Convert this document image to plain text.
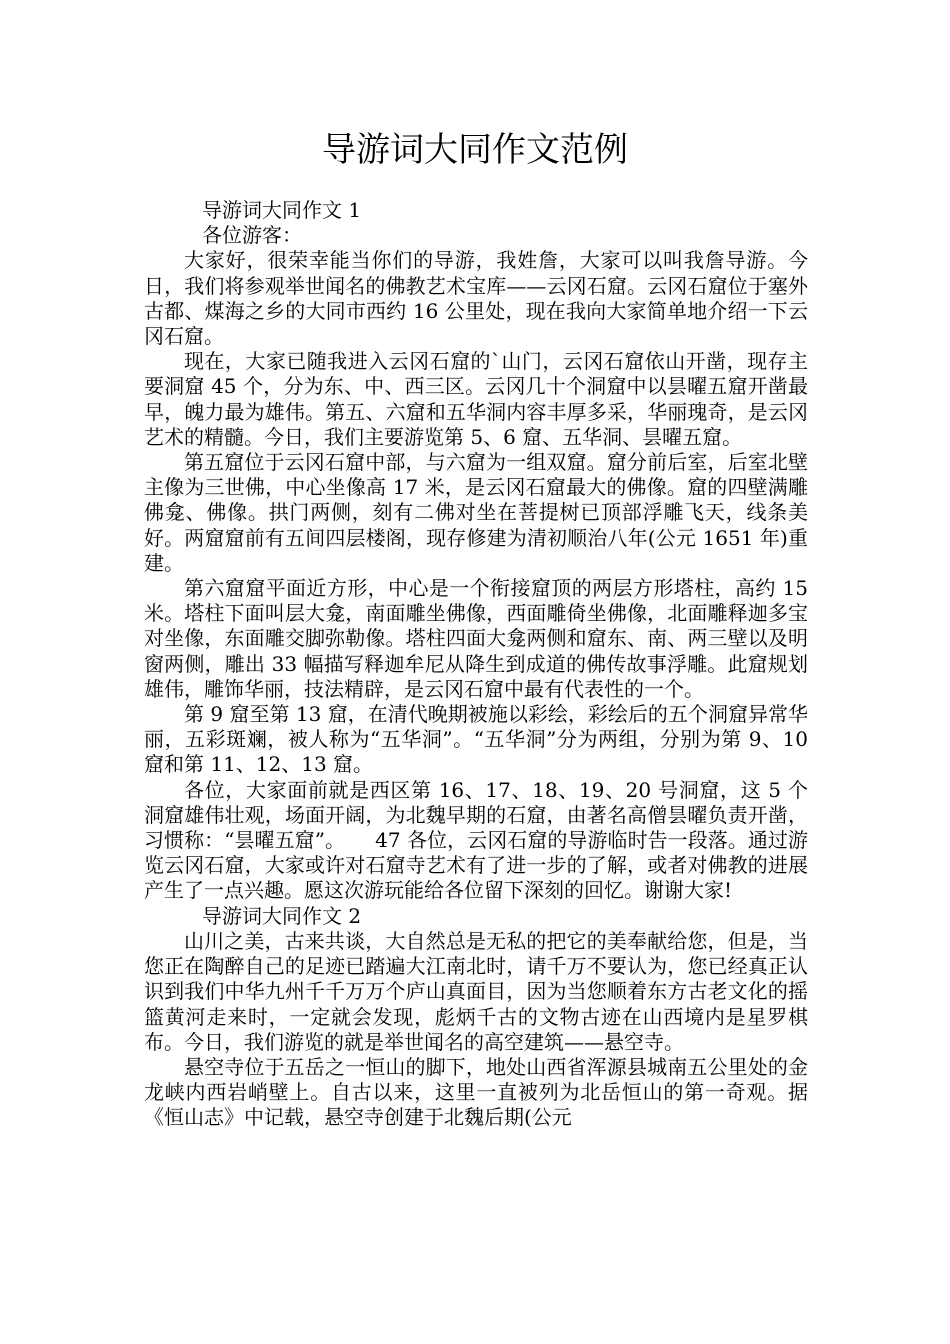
导游词大同作文范例

导游词大同作文 1

各位游客：

大家好，很荣幸能当你们的导游，我姓詹，大家可以叫我詹导游。今日，我们将参观举世闻名的佛教艺术宝库——云冈石窟。云冈石窟位于塞外古都、煤海之乡的大同市西约 16 公里处，现在我向大家简单地介绍一下云冈石窟。

现在，大家已随我进入云冈石窟的`山门，云冈石窟依山开凿，现存主要洞窟 45 个，分为东、中、西三区。云冈几十个洞窟中以昙曜五窟开凿最早，魄力最为雄伟。第五、六窟和五华洞内容丰厚多采，华丽瑰奇，是云冈艺术的精髓。今日，我们主要游览第 5、6 窟、五华洞、昙曜五窟。

第五窟位于云冈石窟中部，与六窟为一组双窟。窟分前后室，后室北壁主像为三世佛，中心坐像高 17 米，是云冈石窟最大的佛像。窟的四壁满雕佛龛、佛像。拱门两侧，刻有二佛对坐在菩提树已顶部浮雕飞天，线条美好。两窟窟前有五间四层楼阁，现存修建为清初顺治八年(公元 1651 年)重建。

第六窟窟平面近方形，中心是一个衔接窟顶的两层方形塔柱，高约 15 米。塔柱下面叫层大龛，南面雕坐佛像，西面雕倚坐佛像，北面雕释迦多宝对坐像，东面雕交脚弥勒像。塔柱四面大龛两侧和窟东、南、两三壁以及明窗两侧，雕出 33 幅描写释迦牟尼从降生到成道的佛传故事浮雕。此窟规划雄伟，雕饰华丽，技法精辟，是云冈石窟中最有代表性的一个。

第 9 窟至第 13 窟，在清代晚期被施以彩绘，彩绘后的五个洞窟异常华丽，五彩斑斓，被人称为“五华洞”。“五华洞”分为两组，分别为第 9、10 窟和第 11、12、13 窟。

各位，大家面前就是西区第 16、17、18、19、20 号洞窟，这 5 个洞窟雄伟壮观，场面开阔，为北魏早期的石窟，由著名高僧昙曜负责开凿，习惯称：“昙曜五窟”。　　47 各位，云冈石窟的导游临时告一段落。通过游览云冈石窟，大家或许对石窟寺艺术有了进一步的了解，或者对佛教的进展产生了一点兴趣。愿这次游玩能给各位留下深刻的回忆。谢谢大家!

导游词大同作文 2

山川之美，古来共谈，大自然总是无私的把它的美奉献给您，但是，当您正在陶醉自己的足迹已踏遍大江南北时，请千万不要认为，您已经真正认识到我们中华九州千千万万个庐山真面目，因为当您顺着东方古老文化的摇篮黄河走来时，一定就会发现，彪炳千古的文物古迹在山西境内是星罗棋布。今日，我们游览的就是举世闻名的高空建筑——悬空寺。

悬空寺位于五岳之一恒山的脚下，地处山西省浑源县城南五公里处的金龙峡内西岩峭壁上。自古以来，这里一直被列为北岳恒山的第一奇观。据《恒山志》中记载，悬空寺创建于北魏后期(公元
